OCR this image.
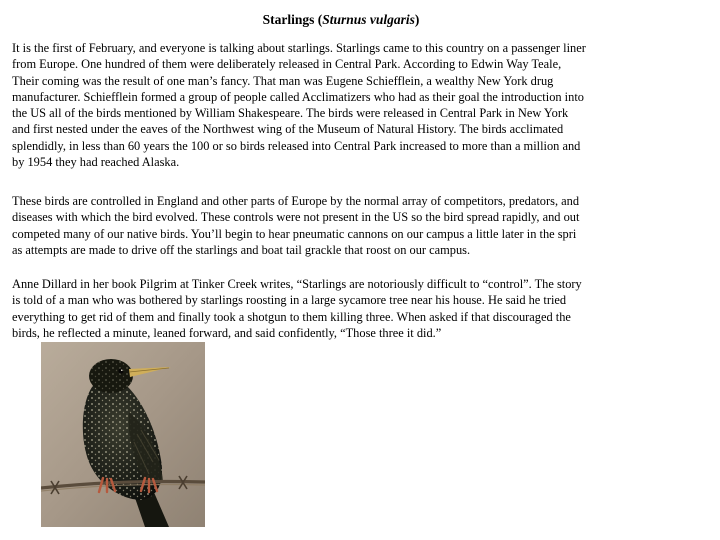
Starlings (Sturnus vulgaris)
It is the first of February, and everyone is talking about starlings. Starlings came to this country on a passenger liner
from Europe. One hundred of them were deliberately released in Central Park. According to Edwin Way Teale,
Their coming was the result of one man’s fancy. That man was Eugene Schiefflein, a wealthy New York drug
manufacturer. Schiefflein formed a group of people called Acclimatizers who had as their goal the introduction into
the US all of the birds mentioned by William Shakespeare. The birds were released in Central Park in New York
and first nested under the eaves of the Northwest wing of the Museum of Natural History. The birds acclimated
splendidly, in less than 60 years the 100 or so birds released into Central Park increased to more than a million and
by 1954 they had reached Alaska.
These birds are controlled in England and other parts of Europe by the normal array of competitors, predators, and
diseases with which the bird evolved. These controls were not present in the US so the bird spread rapidly, and out
competed many of our native birds. You’ll begin to hear pneumatic cannons on our campus a little later in the spri
as attempts are made to drive off the starlings and boat tail grackle that roost on our campus.
Anne Dillard in her book Pilgrim at Tinker Creek writes, “Starlings are notoriously difficult to “control”. The story
is told of a man who was bothered by starlings roosting in a large sycamore tree near his house. He said he tried
everything to get rid of them and finally took a shotgun to them killing three. When asked if that discouraged the
birds, he reflected a minute, leaned forward, and said confidently, “Those three it did.”
